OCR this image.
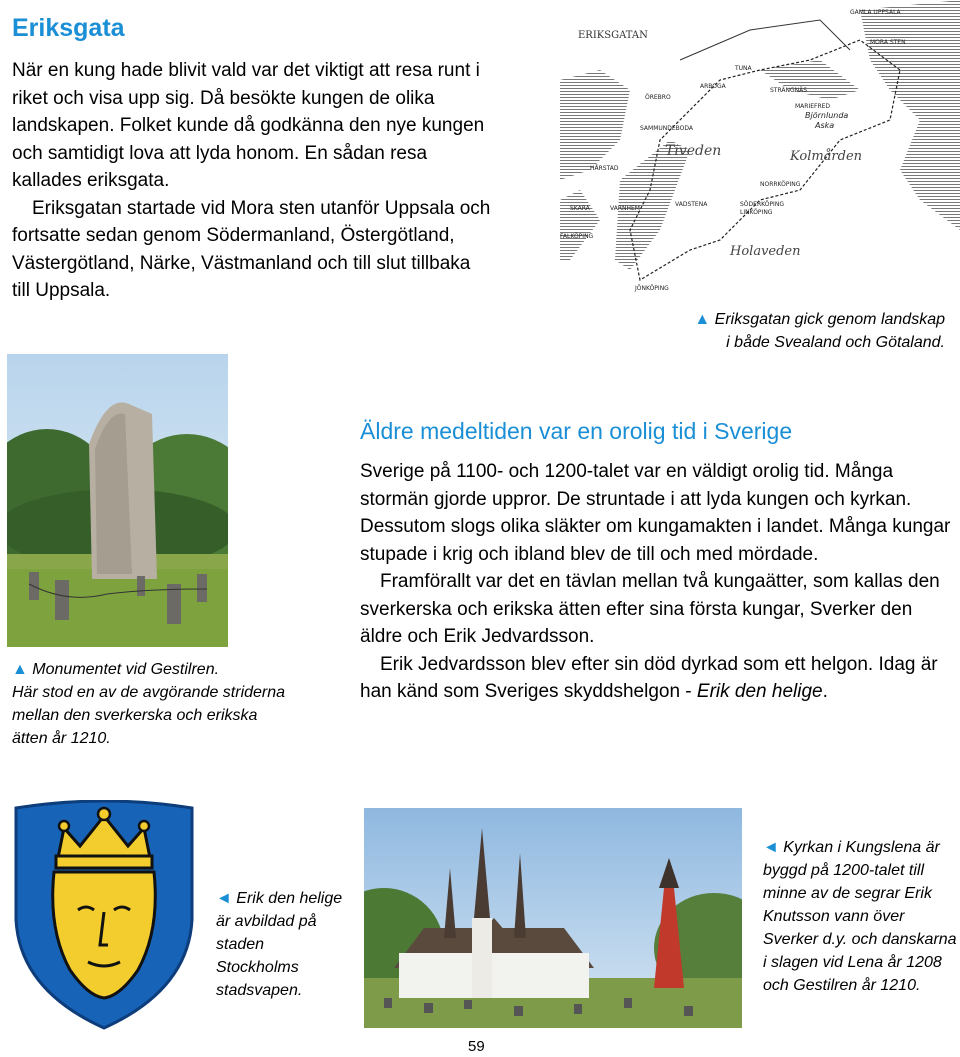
Eriksgata

När en kung hade blivit vald var det viktigt att resa runt i riket och visa upp sig. Då besökte kungen de olika landskapen. Folket kunde då godkänna den nye kungen och samtidigt lova att lyda honom. En sådan resa kallades eriksgata.

Eriksgatan startade vid Mora sten utanför Uppsala och fortsatte sedan genom Södermanland, Östergötland, Västergötland, Närke, Västmanland och till slut tillbaka till Uppsala.

Tiveden	Kolmården
Holaveden
GAMLA UPPSALA
MORA STEN
TUNA
ÖREBRO
ARBOGA
STRÄNGNÄS
Björnlunda
Aska
SAMMUNDEBODA
HÅRSTAD
SKARA	VARNHEM
VADSTENA	SÖDERKÖPING
LINKÖPING
FALKÖPING
JÖNKÖPING
MARIEFRED
NORRKÖPING
ERIKSGATAN
▲ Eriksgatan gick genom landskap
i både Svealand och Götaland.
▲ Monumentet vid Gestilren.
Här stod en av de avgörande striderna mellan den sverkerska och erikska ätten år 1210.
Äldre medeltiden var en orolig tid i Sverige

Sverige på 1100- och 1200-talet var en väldigt orolig tid. Många stormän gjorde uppror. De struntade i att lyda kungen och kyrkan. Dessutom slogs olika släkter om kungamakten i landet. Många kungar stupade i krig och ibland blev de till och med mördade.

Framförallt var det en tävlan mellan två kungaätter, som kallas den sverkerska och erikska ätten efter sina första kungar, Sverker den äldre och Erik Jedvardsson.

Erik Jedvardsson blev efter sin död dyrkad som ett helgon. Idag är han känd som Sveriges skyddshelgon - Erik den helige.

◄ Erik den helige är avbildad på staden Stockholms stadsvapen.
◄ Kyrkan i Kungslena är byggd på 1200-talet till minne av de segrar Erik Knutsson vann över Sverker d.y. och danskarna i slagen vid Lena år 1208 och Gestilren år 1210.
59
